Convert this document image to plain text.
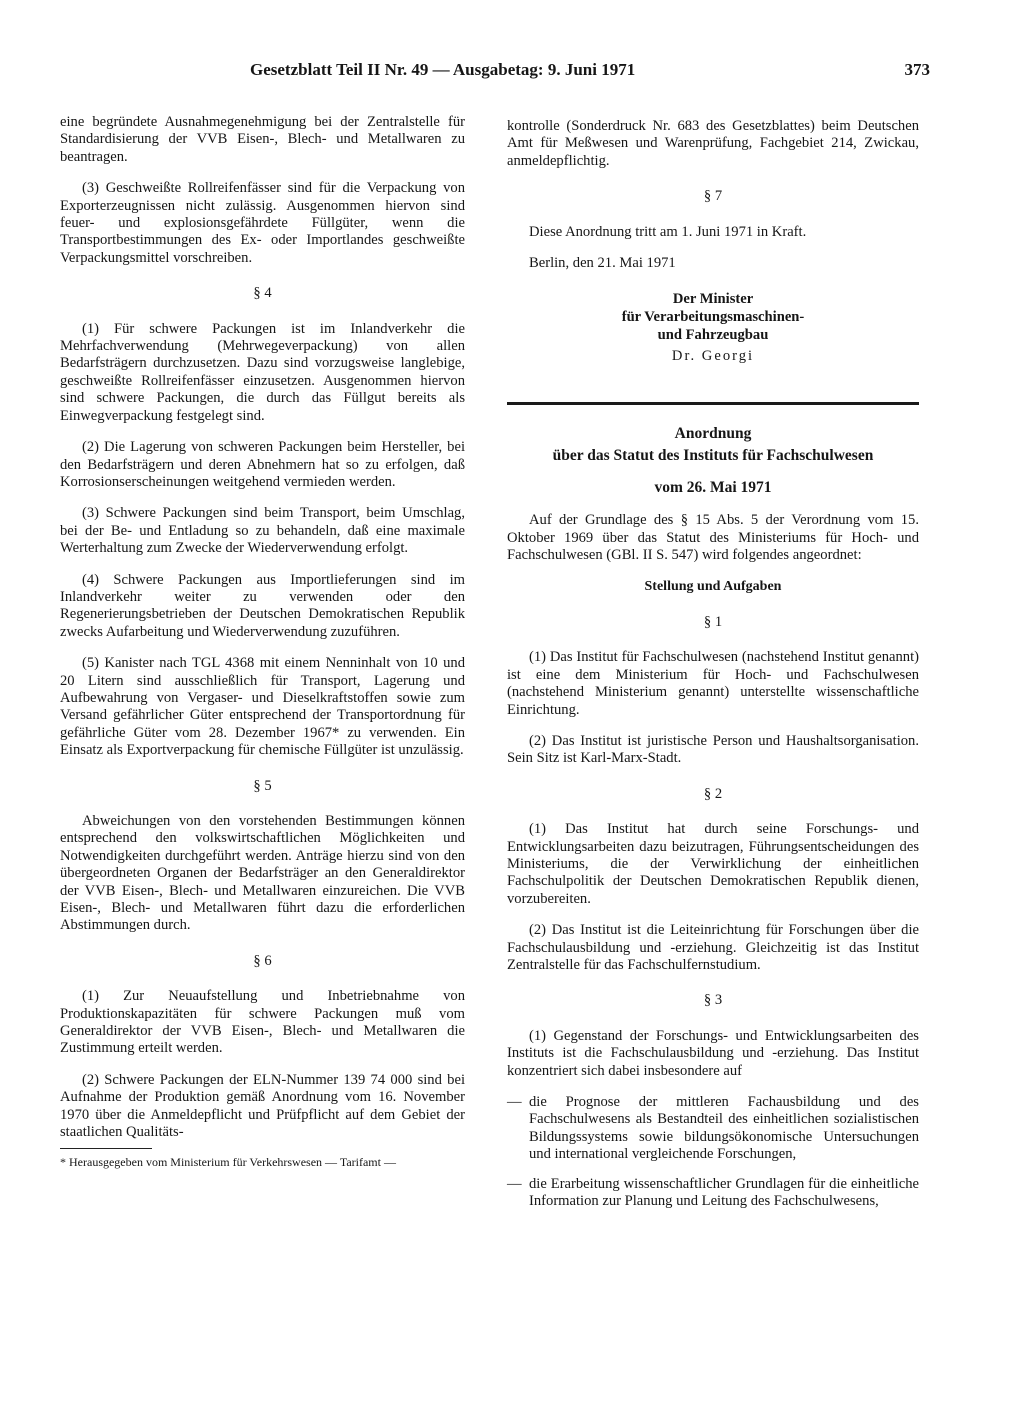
Gesetzblatt Teil II Nr. 49 — Ausgabetag: 9. Juni 1971	373

eine begründete Ausnahmegenehmigung bei der Zentralstelle für Standardisierung der VVB Eisen-, Blech- und Metallwaren zu beantragen.

(3) Geschweißte Rollreifenfässer sind für die Verpackung von Exporterzeugnissen nicht zulässig. Ausgenommen hiervon sind feuer- und explosionsgefährdete Füllgüter, wenn die Transportbestimmungen des Ex- oder Importlandes geschweißte Verpackungsmittel vorschreiben.

§ 4

(1) Für schwere Packungen ist im Inlandverkehr die Mehrfachverwendung (Mehrwegeverpackung) von allen Bedarfsträgern durchzusetzen. Dazu sind vorzugsweise langlebige, geschweißte Rollreifenfässer einzusetzen. Ausgenommen hiervon sind schwere Packungen, die durch das Füllgut bereits als Einwegverpackung festgelegt sind.

(2) Die Lagerung von schweren Packungen beim Hersteller, bei den Bedarfsträgern und deren Abnehmern hat so zu erfolgen, daß Korrosionserscheinungen weitgehend vermieden werden.

(3) Schwere Packungen sind beim Transport, beim Umschlag, bei der Be- und Entladung so zu behandeln, daß eine maximale Werterhaltung zum Zwecke der Wiederverwendung erfolgt.

(4) Schwere Packungen aus Importlieferungen sind im Inlandverkehr weiter zu verwenden oder den Regenerierungsbetrieben der Deutschen Demokratischen Republik zwecks Aufarbeitung und Wiederverwendung zuzuführen.

(5) Kanister nach TGL 4368 mit einem Nenninhalt von 10 und 20 Litern sind ausschließlich für Transport, Lagerung und Aufbewahrung von Vergaser- und Dieselkraftstoffen sowie zum Versand gefährlicher Güter entsprechend der Transportordnung für gefährliche Güter vom 28. Dezember 1967* zu verwenden. Ein Einsatz als Exportverpackung für chemische Füllgüter ist unzulässig.

§ 5

Abweichungen von den vorstehenden Bestimmungen können entsprechend den volkswirtschaftlichen Möglichkeiten und Notwendigkeiten durchgeführt werden. Anträge hierzu sind von den übergeordneten Organen der Bedarfsträger an den Generaldirektor der VVB Eisen-, Blech- und Metallwaren einzureichen. Die VVB Eisen-, Blech- und Metallwaren führt dazu die erforderlichen Abstimmungen durch.

§ 6

(1) Zur Neuaufstellung und Inbetriebnahme von Produktionskapazitäten für schwere Packungen muß vom Generaldirektor der VVB Eisen-, Blech- und Metallwaren die Zustimmung erteilt werden.

(2) Schwere Packungen der ELN-Nummer 139 74 000 sind bei Aufnahme der Produktion gemäß Anordnung vom 16. November 1970 über die Anmeldepflicht und Prüfpflicht auf dem Gebiet der staatlichen Qualitäts-

* Herausgegeben vom Ministerium für Verkehrswesen — Tarifamt —

kontrolle (Sonderdruck Nr. 683 des Gesetzblattes) beim Deutschen Amt für Meßwesen und Warenprüfung, Fachgebiet 214, Zwickau, anmeldepflichtig.

§ 7

Diese Anordnung tritt am 1. Juni 1971 in Kraft.

Berlin, den 21. Mai 1971

Der Minister
für Verarbeitungsmaschinen-
und Fahrzeugbau
Dr. Georgi
Anordnung
über das Statut des Instituts für Fachschulwesen
vom 26. Mai 1971

Auf der Grundlage des § 15 Abs. 5 der Verordnung vom 15. Oktober 1969 über das Statut des Ministeriums für Hoch- und Fachschulwesen (GBl. II S. 547) wird folgendes angeordnet:

Stellung und Aufgaben
§ 1

(1) Das Institut für Fachschulwesen (nachstehend Institut genannt) ist eine dem Ministerium für Hoch- und Fachschulwesen (nachstehend Ministerium genannt) unterstellte wissenschaftliche Einrichtung.

(2) Das Institut ist juristische Person und Haushaltsorganisation. Sein Sitz ist Karl-Marx-Stadt.

§ 2

(1) Das Institut hat durch seine Forschungs- und Entwicklungsarbeiten dazu beizutragen, Führungsentscheidungen des Ministeriums, die der Verwirklichung der einheitlichen Fachschulpolitik der Deutschen Demokratischen Republik dienen, vorzubereiten.

(2) Das Institut ist die Leiteinrichtung für Forschungen über die Fachschulausbildung und -erziehung. Gleichzeitig ist das Institut Zentralstelle für das Fachschulfernstudium.

§ 3

(1) Gegenstand der Forschungs- und Entwicklungsarbeiten des Instituts ist die Fachschulausbildung und -erziehung. Das Institut konzentriert sich dabei insbesondere auf

— die Prognose der mittleren Fachausbildung und des Fachschulwesens als Bestandteil des einheitlichen sozialistischen Bildungssystems sowie bildungsökonomische Untersuchungen und international vergleichende Forschungen,
— die Erarbeitung wissenschaftlicher Grundlagen für die einheitliche Information zur Planung und Leitung des Fachschulwesens,
